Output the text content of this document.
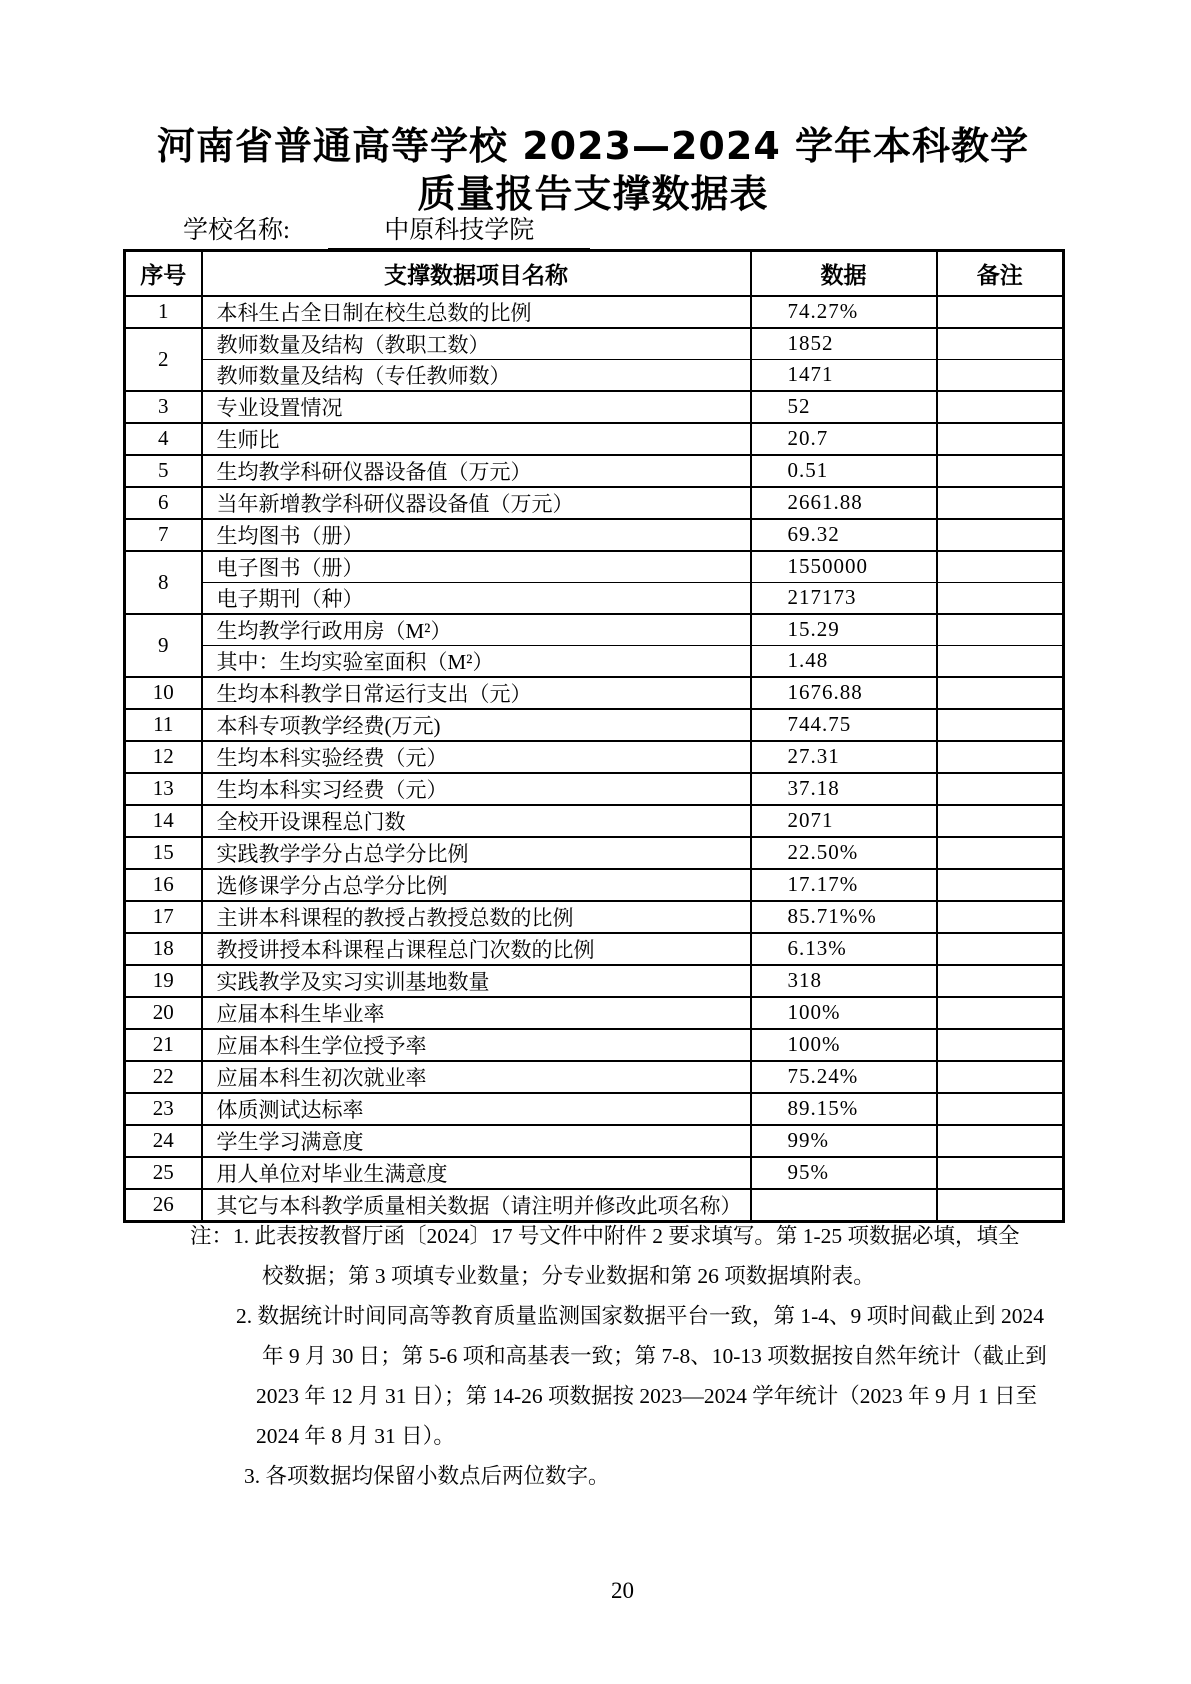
河南省普通高等学校 2023—2024 学年本科教学
质量报告支撑数据表
学校名称:	中原科技学院
序号	支撑数据项目名称	数据	备注
1	本科生占全日制在校生总数的比例	74.27%	
2	教师数量及结构（教职工数）	1852	
	教师数量及结构（专任教师数）	1471	
3	专业设置情况	52	
4	生师比	20.7	
5	生均教学科研仪器设备值（万元）	0.51	
6	当年新增教学科研仪器设备值（万元）	2661.88	
7	生均图书（册）	69.32	
8	电子图书（册）	1550000	
	电子期刊（种）	217173	
9	生均教学行政用房（M²）	15.29	
	其中：生均实验室面积（M²）	1.48	
10	生均本科教学日常运行支出（元）	1676.88	
11	本科专项教学经费(万元)	744.75	
12	生均本科实验经费（元）	27.31	
13	生均本科实习经费（元）	37.18	
14	全校开设课程总门数	2071	
15	实践教学学分占总学分比例	22.50%	
16	选修课学分占总学分比例	17.17%	
17	主讲本科课程的教授占教授总数的比例	85.71%%	
18	教授讲授本科课程占课程总门次数的比例	6.13%	
19	实践教学及实习实训基地数量	318	
20	应届本科生毕业率	100%	
21	应届本科生学位授予率	100%	
22	应届本科生初次就业率	75.24%	
23	体质测试达标率	89.15%	
24	学生学习满意度	99%	
25	用人单位对毕业生满意度	95%	
26	其它与本科教学质量相关数据（请注明并修改此项名称）		

注：1. 此表按教督厅函〔2024〕17 号文件中附件 2 要求填写。第 1-25 项数据必填，填全

校数据；第 3 项填专业数量；分专业数据和第 26 项数据填附表。

2. 数据统计时间同高等教育质量监测国家数据平台一致，第 1-4、9 项时间截止到 2024

年 9 月 30 日；第 5-6 项和高基表一致；第 7-8、10-13 项数据按自然年统计（截止到

2023 年 12 月 31 日）；第 14-26 项数据按 2023—2024 学年统计（2023 年 9 月 1 日至

2024 年 8 月 31 日）。

3. 各项数据均保留小数点后两位数字。

20
